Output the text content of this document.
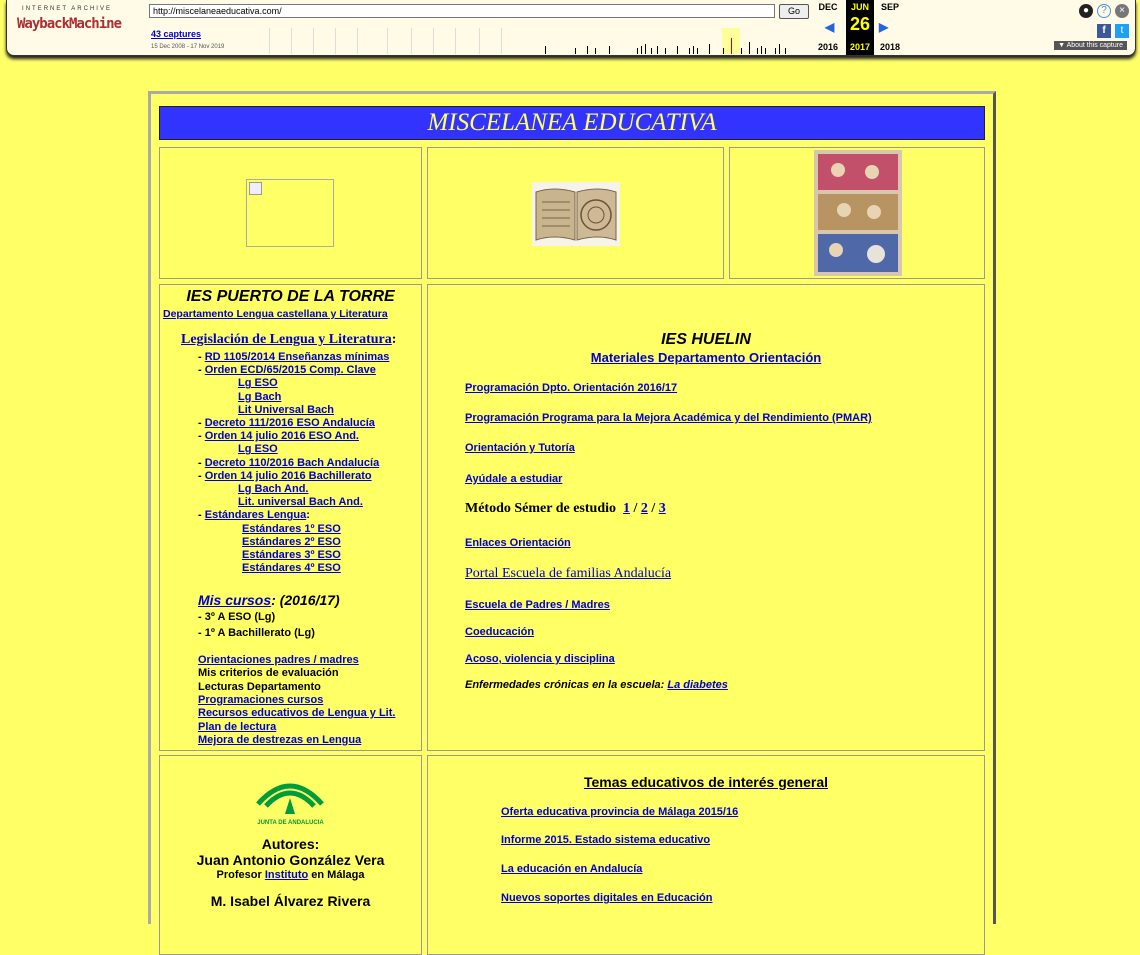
INTERNET ARCHIVE
WaybackMachine
http://miscelaneaeducativa.com/	Go
43 captures
15 Dec 2008 - 17 Nov 2019
DEC
2016
◀
JUN
26
2017
▶
SEP
2018
●	?	×
f	t
▼ About this capture
MISCELANEA EDUCATIVA
IES PUERTO DE LA TORRE
Departamento Lengua castellana y Literatura
Legislación de Lengua y Literatura:
Mis cursos: (2016/17)
- 3º A ESO (Lg)
- 1º A Bachillerato (Lg)
- RD 1105/2014 Enseñanzas mínimas
- Orden ECD/65/2015 Comp. Clave
Lg ESO
Lg Bach
Lit Universal Bach
- Decreto 111/2016 ESO Andalucía
- Orden 14 julio 2016 ESO And.
Lg ESO
- Decreto 110/2016 Bach Andalucía
- Orden 14 julio 2016 Bachillerato
Lg Bach And.
Lit. universal Bach And.
- Estándares Lengua:
Estándares 1º ESO
Estándares 2º ESO
Estándares 3º ESO
Estándares 4º ESO
Orientaciones padres / madres
Mis criterios de evaluación
Lecturas Departamento
Programaciones cursos
Recursos educativos de Lengua y Lit.
Plan de lectura
Mejora de destrezas en Lengua
IES HUELIN
Materiales Departamento Orientación
Programación Dpto. Orientación 2016/17
Programación Programa para la Mejora Académica y del Rendimiento (PMAR)
Orientación y Tutoría
Ayúdale a estudiar
Método Sémer de estudio 1 / 2 / 3
Enlaces Orientación
Portal Escuela de familias Andalucía
Escuela de Padres / Madres
Coeducación
Acoso, violencia y disciplina
Enfermedades crónicas en la escuela: La diabetes
JUNTA DE ANDALUCIA
Autores:
Juan Antonio González Vera
Profesor Instituto en Málaga
M. Isabel Álvarez Rivera
Temas educativos de interés general
Oferta educativa provincia de Málaga 2015/16
Informe 2015. Estado sistema educativo
La educación en Andalucía
Nuevos soportes digitales en Educación
